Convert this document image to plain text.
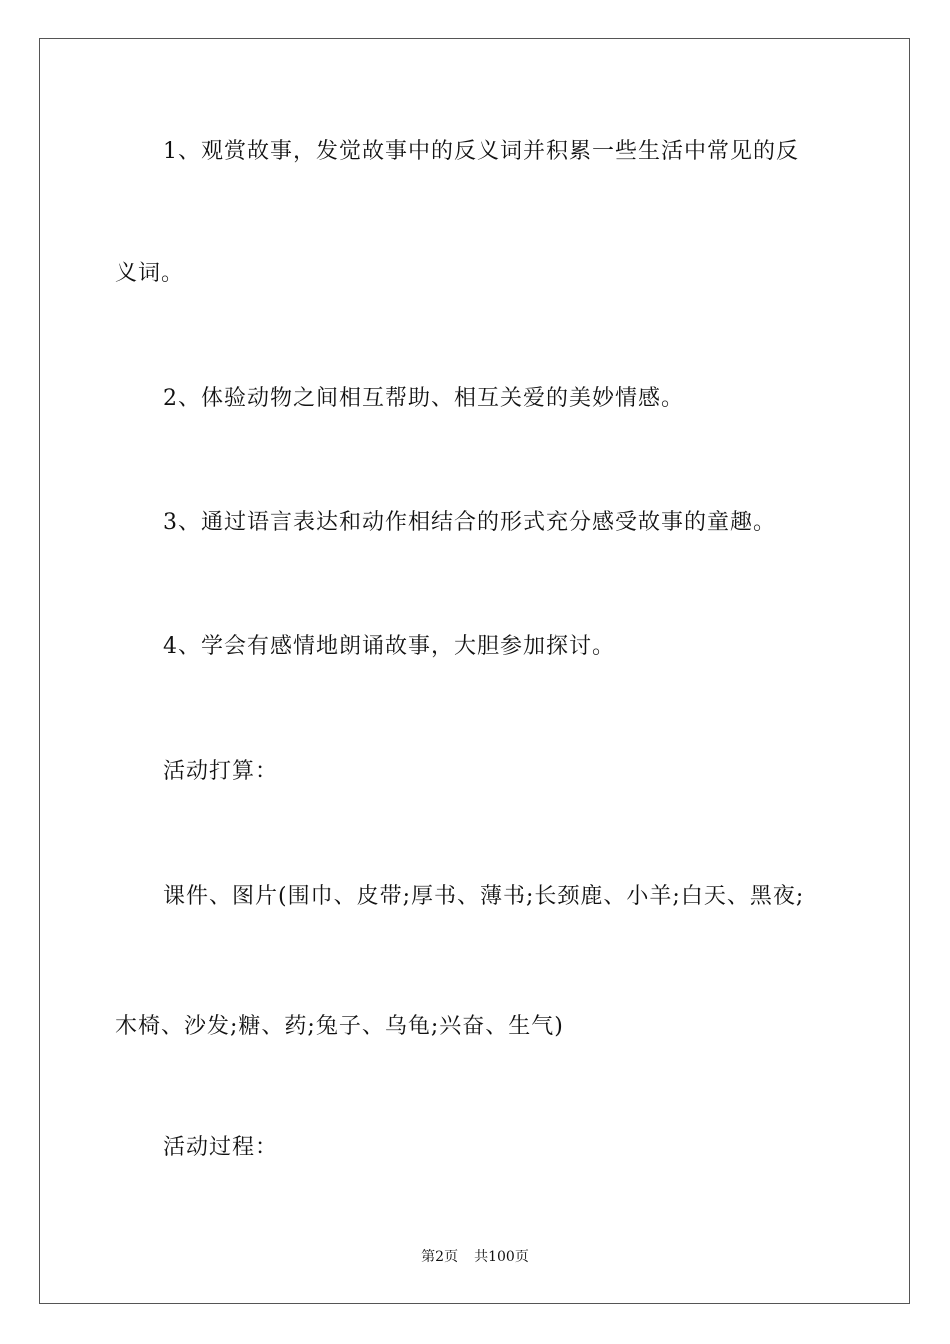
1、观赏故事，发觉故事中的反义词并积累一些生活中常见的反
义词。
2、体验动物之间相互帮助、相互关爱的美妙情感。
3、通过语言表达和动作相结合的形式充分感受故事的童趣。
4、学会有感情地朗诵故事，大胆参加探讨。
活动打算：
课件、图片(围巾、皮带;厚书、薄书;长颈鹿、小羊;白天、黑夜;
木椅、沙发;糖、药;兔子、乌龟;兴奋、生气)
活动过程：
第2页 共100页
